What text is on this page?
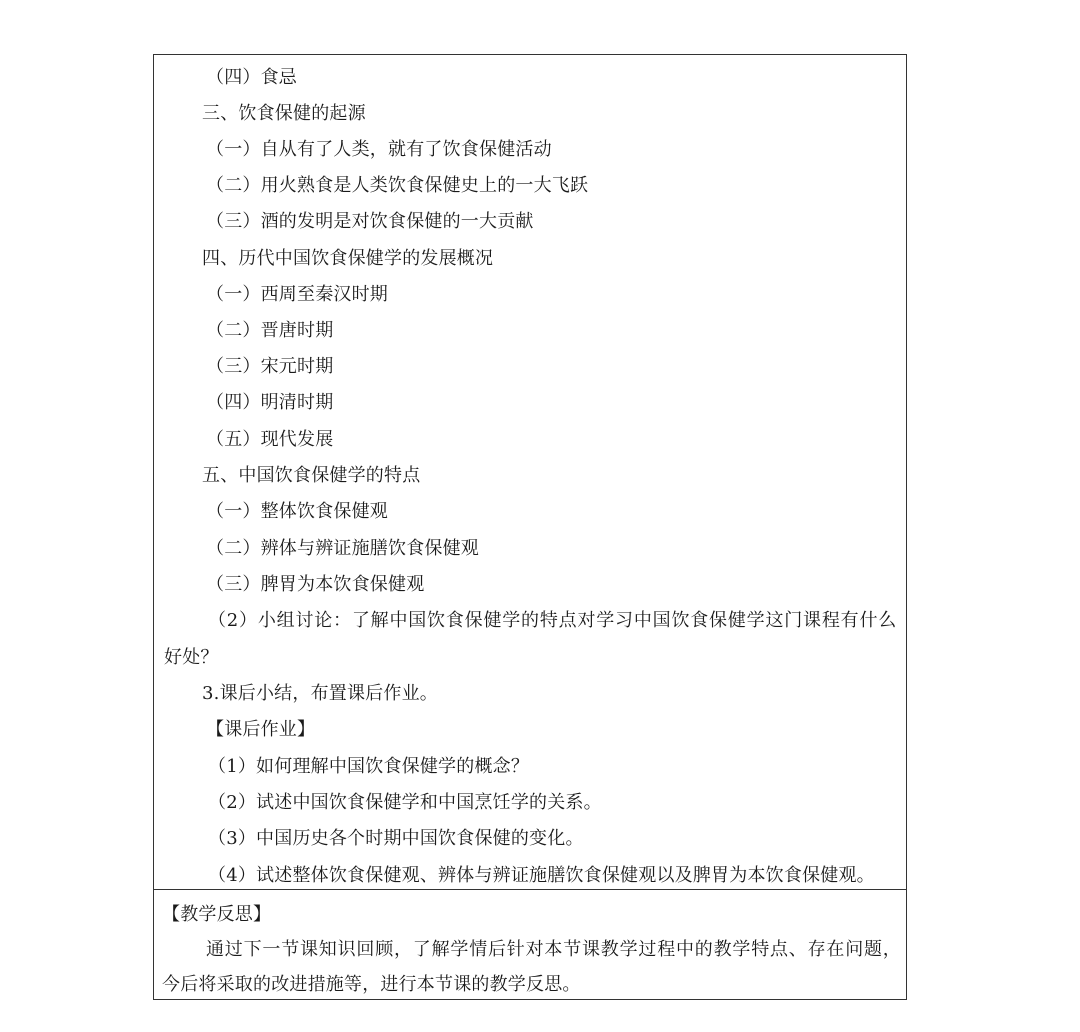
（四）食忌
三、饮食保健的起源
（一）自从有了人类，就有了饮食保健活动
（二）用火熟食是人类饮食保健史上的一大飞跃
（三）酒的发明是对饮食保健的一大贡献
四、历代中国饮食保健学的发展概况
（一）西周至秦汉时期
（二）晋唐时期
（三）宋元时期
（四）明清时期
（五）现代发展
五、中国饮食保健学的特点
（一）整体饮食保健观
（二）辨体与辨证施膳饮食保健观
（三）脾胃为本饮食保健观
（2）小组讨论：了解中国饮食保健学的特点对学习中国饮食保健学这门课程有什么
好处？
3.课后小结，布置课后作业。
【课后作业】
（1）如何理解中国饮食保健学的概念？
（2）试述中国饮食保健学和中国烹饪学的关系。
（3）中国历史各个时期中国饮食保健的变化。
（4）试述整体饮食保健观、辨体与辨证施膳饮食保健观以及脾胃为本饮食保健观。
【教学反思】
通过下一节课知识回顾，了解学情后针对本节课教学过程中的教学特点、存在问题，
今后将采取的改进措施等，进行本节课的教学反思。
